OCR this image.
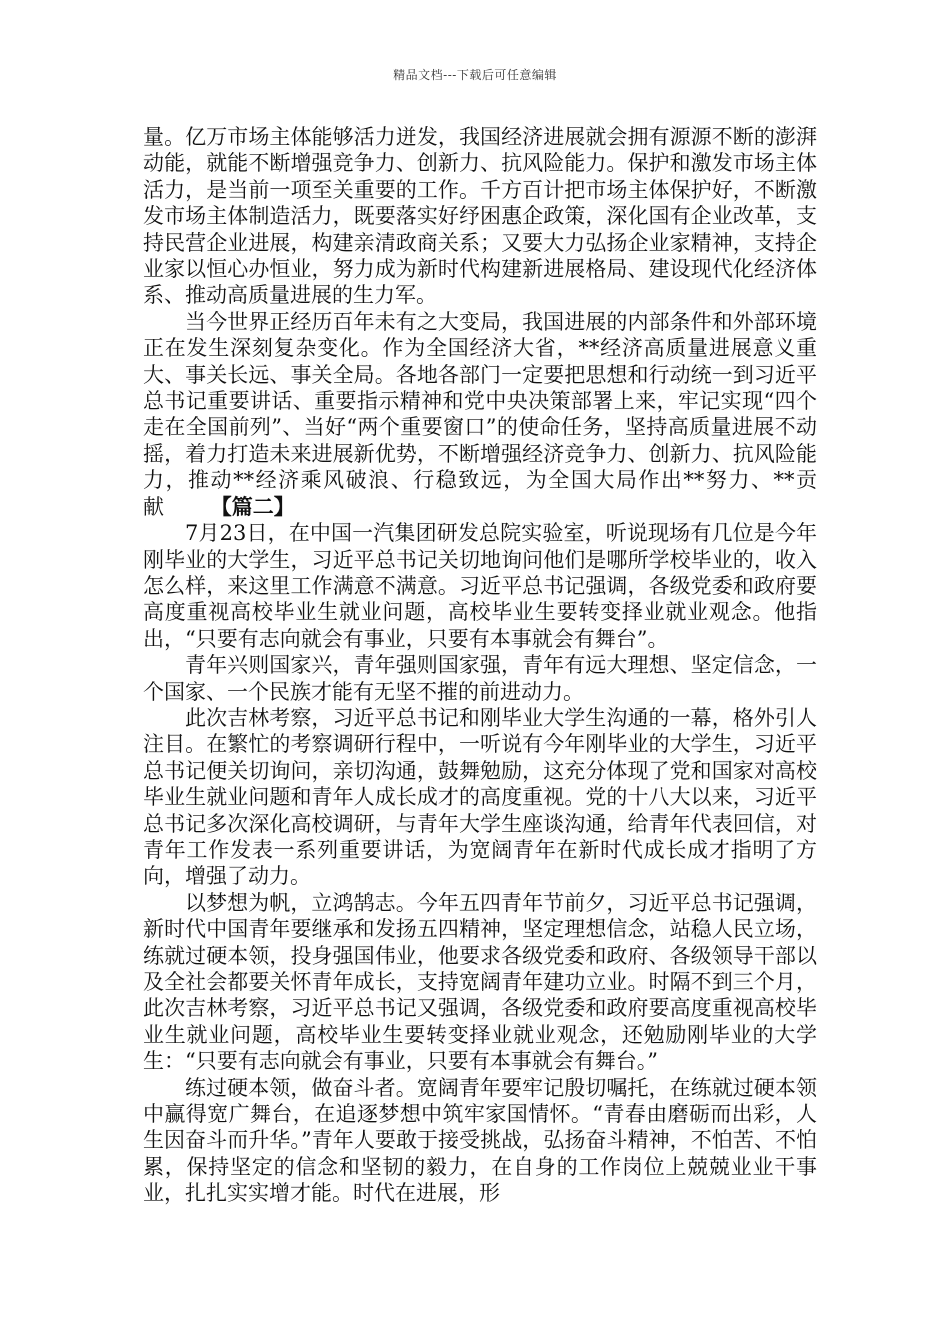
精品文档---下载后可任意编辑

量。亿万市场主体能够活力迸发，我国经济进展就会拥有源源不断的澎湃动能，就能不断增强竞争力、创新力、抗风险能力。保护和激发市场主体活力，是当前一项至关重要的工作。千方百计把市场主体保护好，不断激发市场主体制造活力，既要落实好纾困惠企政策，深化国有企业改革，支持民营企业进展，构建亲清政商关系；又要大力弘扬企业家精神，支持企业家以恒心办恒业，努力成为新时代构建新进展格局、建设现代化经济体系、推动高质量进展的生力军。

当今世界正经历百年未有之大变局，我国进展的内部条件和外部环境正在发生深刻复杂变化。作为全国经济大省，**经济高质量进展意义重大、事关长远、事关全局。各地各部门一定要把思想和行动统一到习近平总书记重要讲话、重要指示精神和党中央决策部署上来，牢记实现“四个走在全国前列”、当好“两个重要窗口”的使命任务，坚持高质量进展不动摇，着力打造未来进展新优势，不断增强经济竞争力、创新力、抗风险能力，推动**经济乘风破浪、行稳致远，为全国大局作出**努力、**贡献 【篇二】

7月23日，在中国一汽集团研发总院实验室，听说现场有几位是今年刚毕业的大学生，习近平总书记关切地询问他们是哪所学校毕业的，收入怎么样，来这里工作满意不满意。习近平总书记强调，各级党委和政府要高度重视高校毕业生就业问题，高校毕业生要转变择业就业观念。他指出，“只要有志向就会有事业，只要有本事就会有舞台”。

青年兴则国家兴，青年强则国家强，青年有远大理想、坚定信念，一个国家、一个民族才能有无坚不摧的前进动力。

此次吉林考察，习近平总书记和刚毕业大学生沟通的一幕，格外引人注目。在繁忙的考察调研行程中，一听说有今年刚毕业的大学生，习近平总书记便关切询问，亲切沟通，鼓舞勉励，这充分体现了党和国家对高校毕业生就业问题和青年人成长成才的高度重视。党的十八大以来，习近平总书记多次深化高校调研，与青年大学生座谈沟通，给青年代表回信，对青年工作发表一系列重要讲话，为宽阔青年在新时代成长成才指明了方向，增强了动力。

以梦想为帆，立鸿鹄志。今年五四青年节前夕，习近平总书记强调，新时代中国青年要继承和发扬五四精神，坚定理想信念，站稳人民立场，练就过硬本领，投身强国伟业，他要求各级党委和政府、各级领导干部以及全社会都要关怀青年成长，支持宽阔青年建功立业。时隔不到三个月，此次吉林考察，习近平总书记又强调，各级党委和政府要高度重视高校毕业生就业问题，高校毕业生要转变择业就业观念，还勉励刚毕业的大学生：“只要有志向就会有事业，只要有本事就会有舞台。”

练过硬本领，做奋斗者。宽阔青年要牢记殷切嘱托，在练就过硬本领中赢得宽广舞台，在追逐梦想中筑牢家国情怀。“青春由磨砺而出彩，人生因奋斗而升华。”青年人要敢于接受挑战，弘扬奋斗精神，不怕苦、不怕累，保持坚定的信念和坚韧的毅力，在自身的工作岗位上兢兢业业干事业，扎扎实实增才能。时代在进展，形
